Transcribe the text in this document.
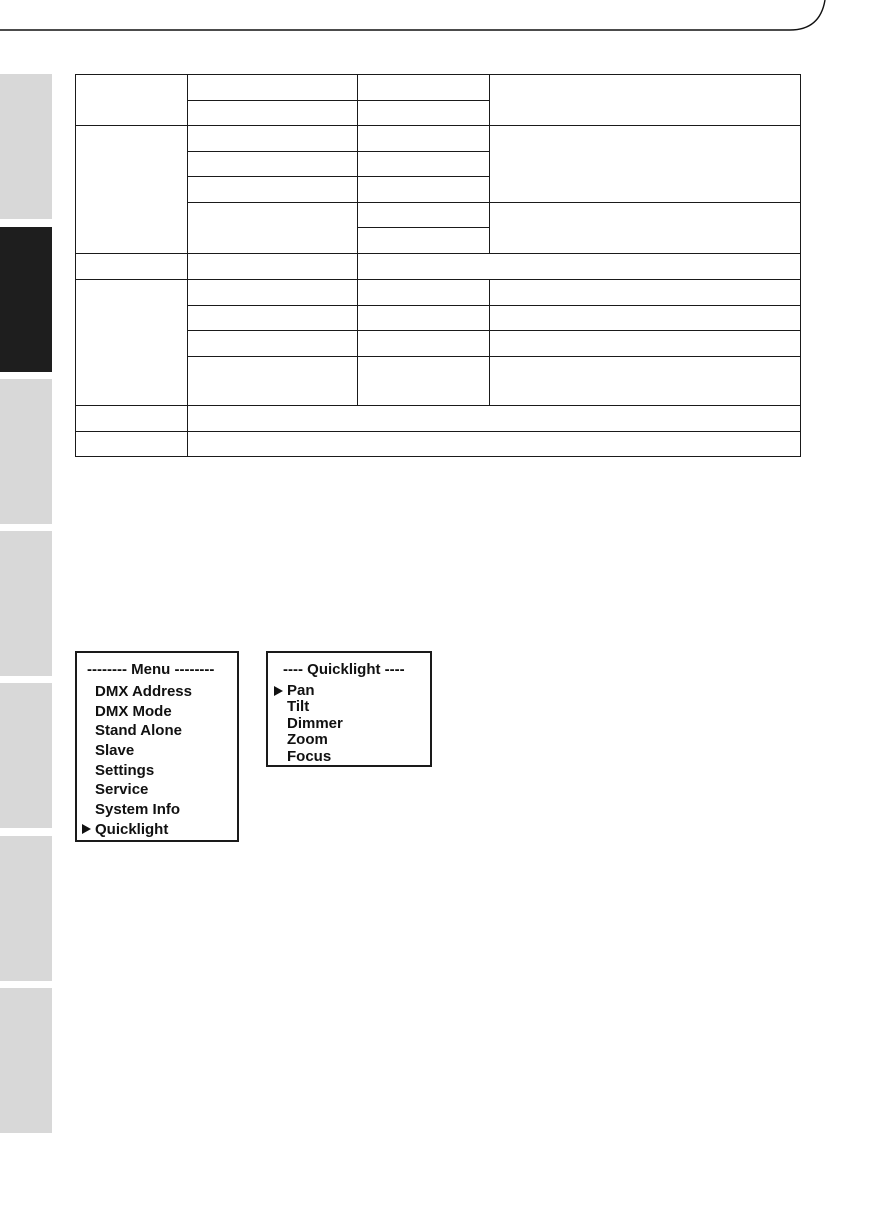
-------- Menu --------
DMX Address
DMX Mode
Stand Alone
Slave
Settings
Service
System Info
Quicklight
---- Quicklight ----
Pan
Tilt
Dimmer
Zoom
Focus
